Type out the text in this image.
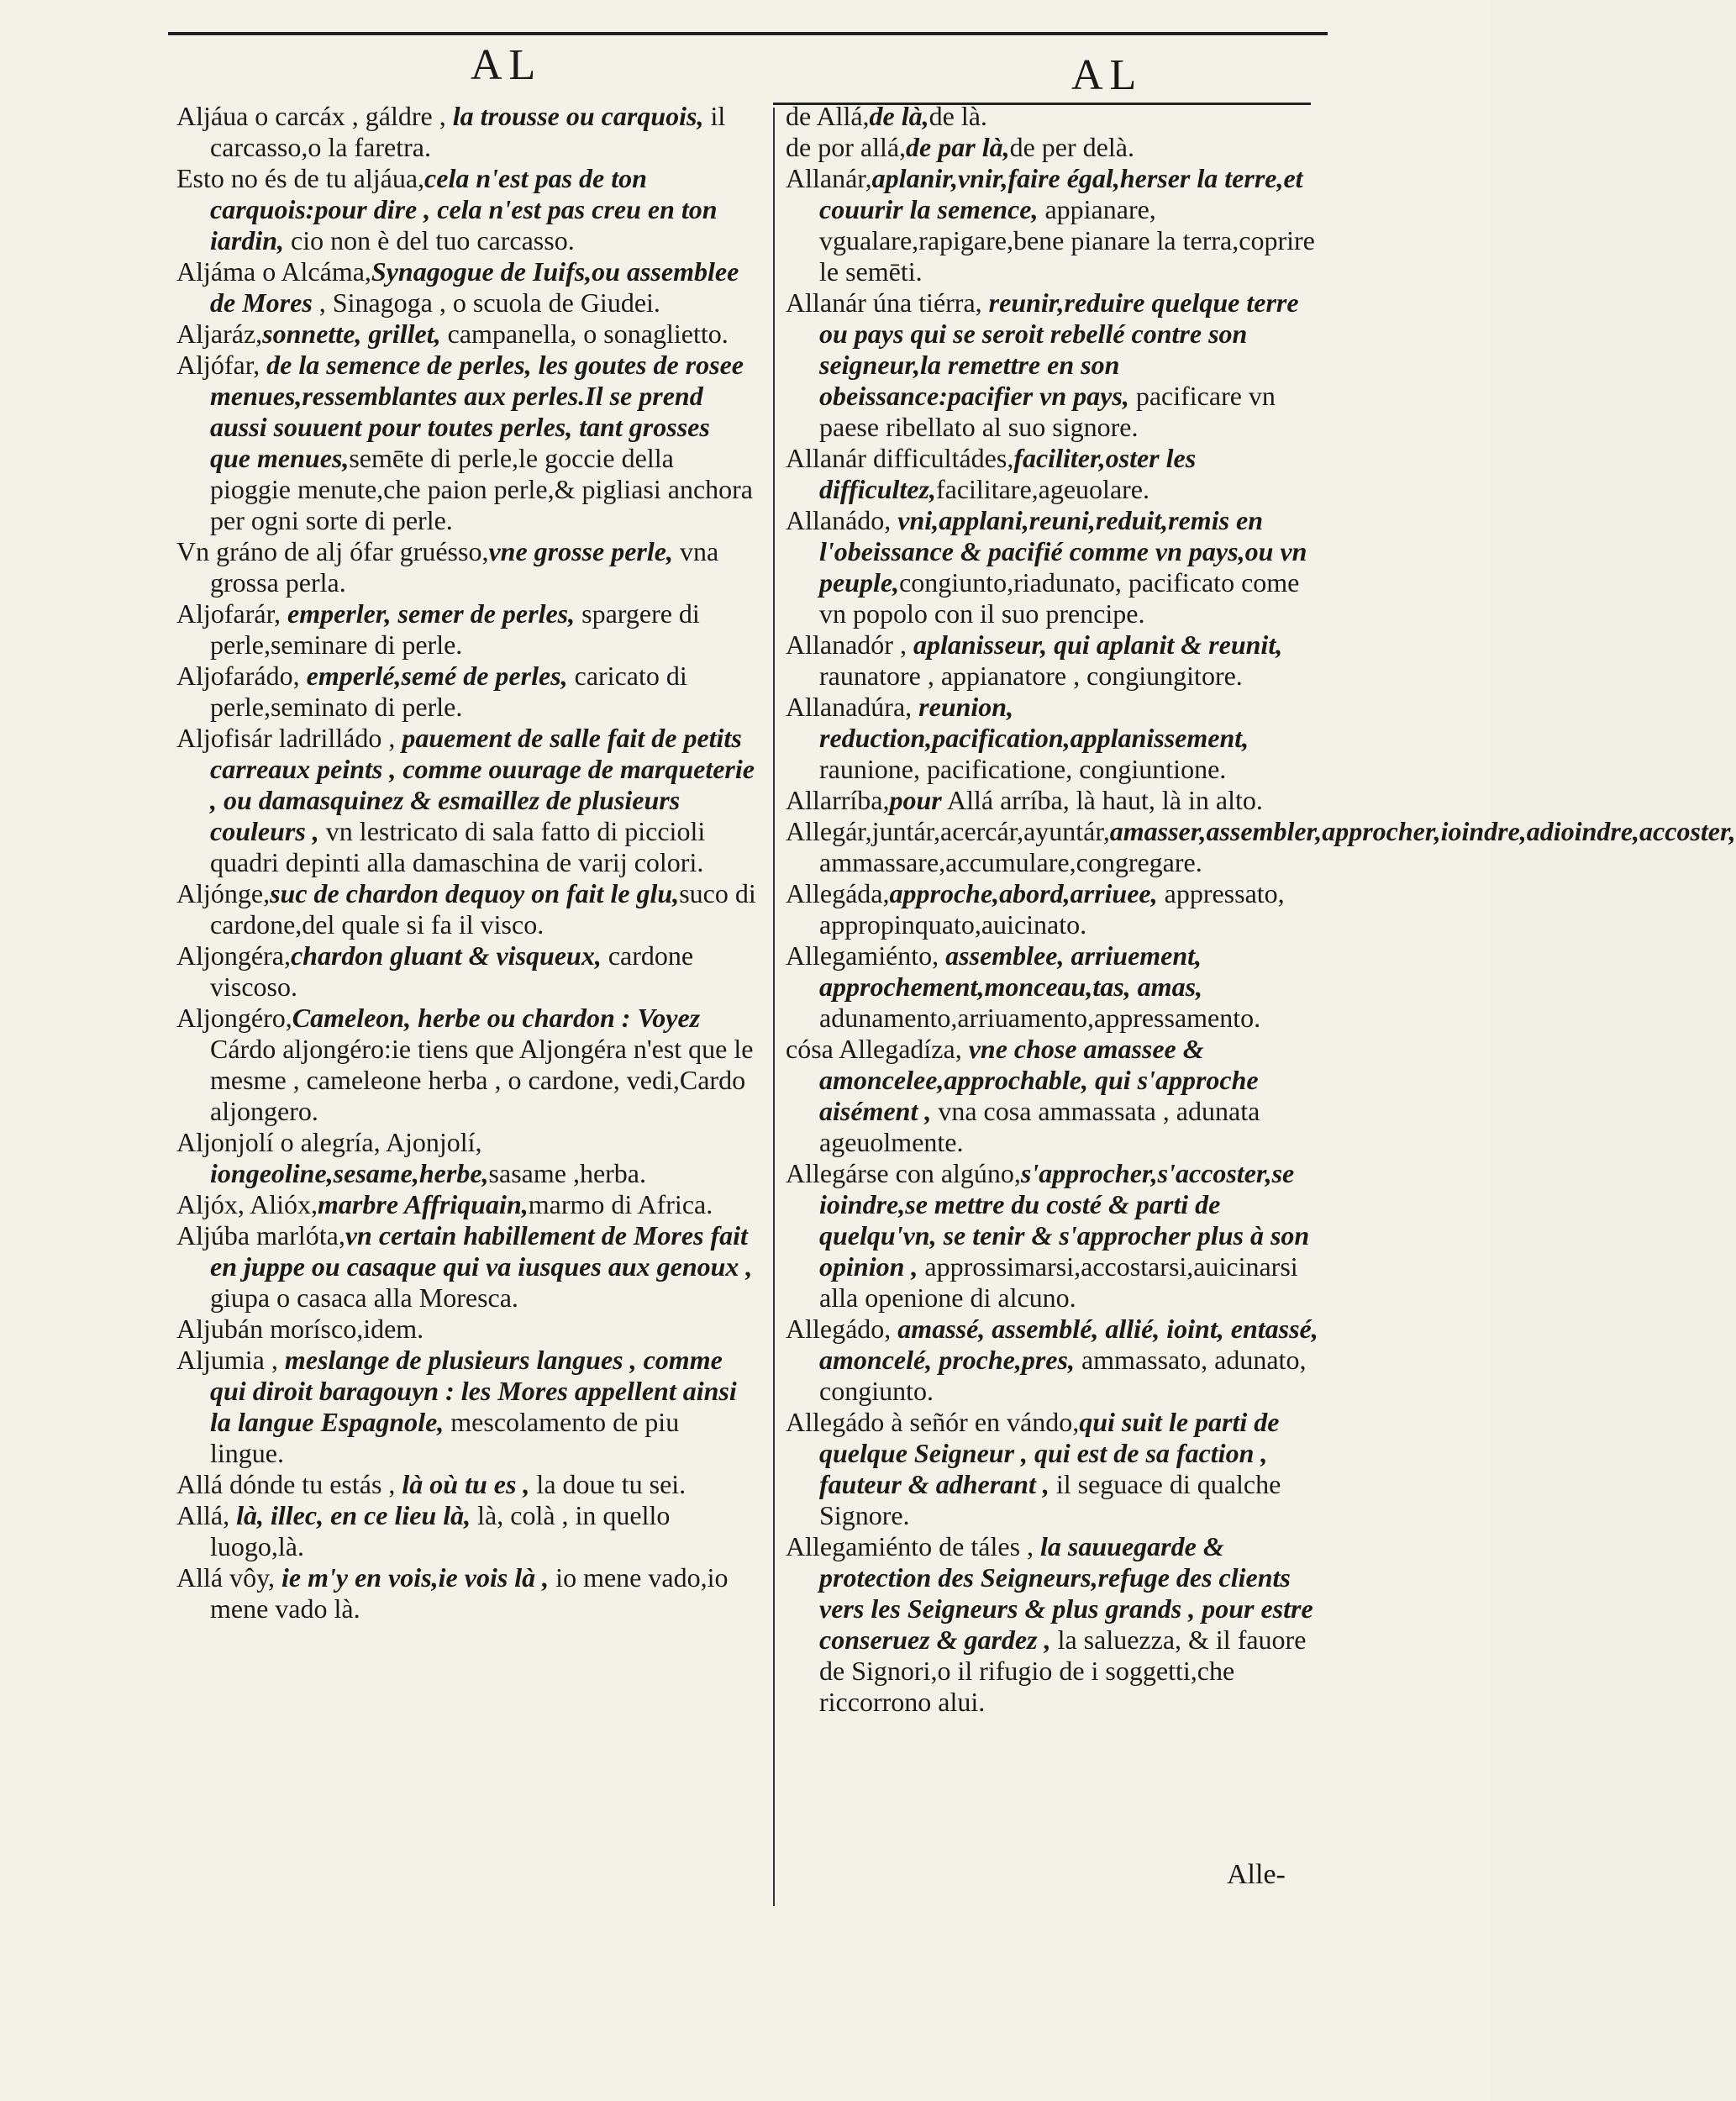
AL	AL
Aljáua o carcáx , gáldre , la trousse ou carquois, il carcasso,o la faretra.
Esto no és de tu aljáua,cela n'est pas de ton carquois:pour dire , cela n'est pas creu en ton iardin, cio non è del tuo carcasso.
Aljáma o Alcáma,Synagogue de Iuifs,ou assemblee de Mores , Sinagoga , o scuola de Giudei.
Aljaráz,sonnette, grillet, campanella, o sonaglietto.
Aljófar, de la semence de perles, les goutes de rosee menues,ressemblantes aux perles.Il se prend aussi souuent pour toutes perles, tant grosses que menues,semēte di perle,le goccie della pioggie menute,che paion perle,& pigliasi anchora per ogni sorte di perle.
Vn gráno de alj ófar gruésso,vne grosse perle, vna grossa perla.
Aljofarár, emperler, semer de perles, spargere di perle,seminare di perle.
Aljofarádo, emperlé,semé de perles, caricato di perle,seminato di perle.
Aljofisár ladrilládo , pauement de salle fait de petits carreaux peints , comme ouurage de marqueterie , ou damasquinez & esmaillez de plusieurs couleurs , vn lestricato di sala fatto di piccioli quadri depinti alla damaschina de varij colori.
Aljónge,suc de chardon dequoy on fait le glu,suco di cardone,del quale si fa il visco.
Aljongéra,chardon gluant & visqueux, cardone viscoso.
Aljongéro,Cameleon, herbe ou chardon : Voyez Cárdo aljongéro:ie tiens que Aljongéra n'est que le mesme , cameleone herba , o cardone, vedi,Cardo aljongero.
Aljonjolí o alegría, Ajonjolí, iongeoline,sesame,herbe,sasame ,herba.
Aljóx, Alióx,marbre Affriquain,marmo di Africa.
Aljúba marlóta,vn certain habillement de Mores fait en juppe ou casaque qui va iusques aux genoux , giupa o casaca alla Moresca.
Aljubán morísco,idem.
Aljumia , meslange de plusieurs langues , comme qui diroit baragouyn : les Mores appellent ainsi la langue Espagnole, mescolamento de piu lingue.
Allá dónde tu estás , là où tu es , la doue tu sei.
Allá, là, illec, en ce lieu là, là, colà , in quello luogo,là.
Allá vôy, ie m'y en vois,ie vois là , io mene vado,io mene vado là.
de Allá,de là,de là.
de por allá,de par là,de per delà.
Allanár,aplanir,vnir,faire égal,herser la terre,et couurir la semence, appianare, vgualare,rapigare,bene pianare la terra,coprire le semēti.
Allanár úna tiérra, reunir,reduire quelque terre ou pays qui se seroit rebellé contre son seigneur,la remettre en son obeissance:pacifier vn pays, pacificare vn paese ribellato al suo signore.
Allanár difficultádes,faciliter,oster les difficultez,facilitare,ageuolare.
Allanádo, vni,applani,reuni,reduit,remis en l'obeissance & pacifié comme vn pays,ou vn peuple,congiunto,riadunato, pacificato come vn popolo con il suo prencipe.
Allanadór , aplanisseur, qui aplanit & reunit, raunatore , appianatore , congiungitore.
Allanadúra, reunion, reduction,pacification,applanissement, raunione, pacificatione, congiuntione.
Allarríba,pour Allá arríba, là haut, là in alto.
Allegár,juntár,acercár,ayuntár,amasser,assembler,approcher,ioindre,adioindre,accoster, ammassare,accumulare,congregare.
Allegáda,approche,abord,arriuee, appressato, appropinquato,auicinato.
Allegamiénto, assemblee, arriuement, approchement,monceau,tas, amas, adunamento,arriuamento,appressamento.
cósa Allegadíza, vne chose amassee & amoncelee,approchable, qui s'approche aisément , vna cosa ammassata , adunata ageuolmente.
Allegárse con algúno,s'approcher,s'accoster,se ioindre,se mettre du costé & parti de quelqu'vn, se tenir & s'approcher plus à son opinion , approssimarsi,accostarsi,auicinarsi alla openione di alcuno.
Allegádo, amassé, assemblé, allié, ioint, entassé, amoncelé, proche,pres, ammassato, adunato, congiunto.
Allegádo à señór en vándo,qui suit le parti de quelque Seigneur , qui est de sa faction , fauteur & adherant , il seguace di qualche Signore.
Allegamiénto de táles , la sauuegarde & protection des Seigneurs,refuge des clients vers les Seigneurs & plus grands , pour estre conseruez & gardez , la saluezza, & il fauore de Signori,o il rifugio de i soggetti,che riccorrono alui.
Alle-
